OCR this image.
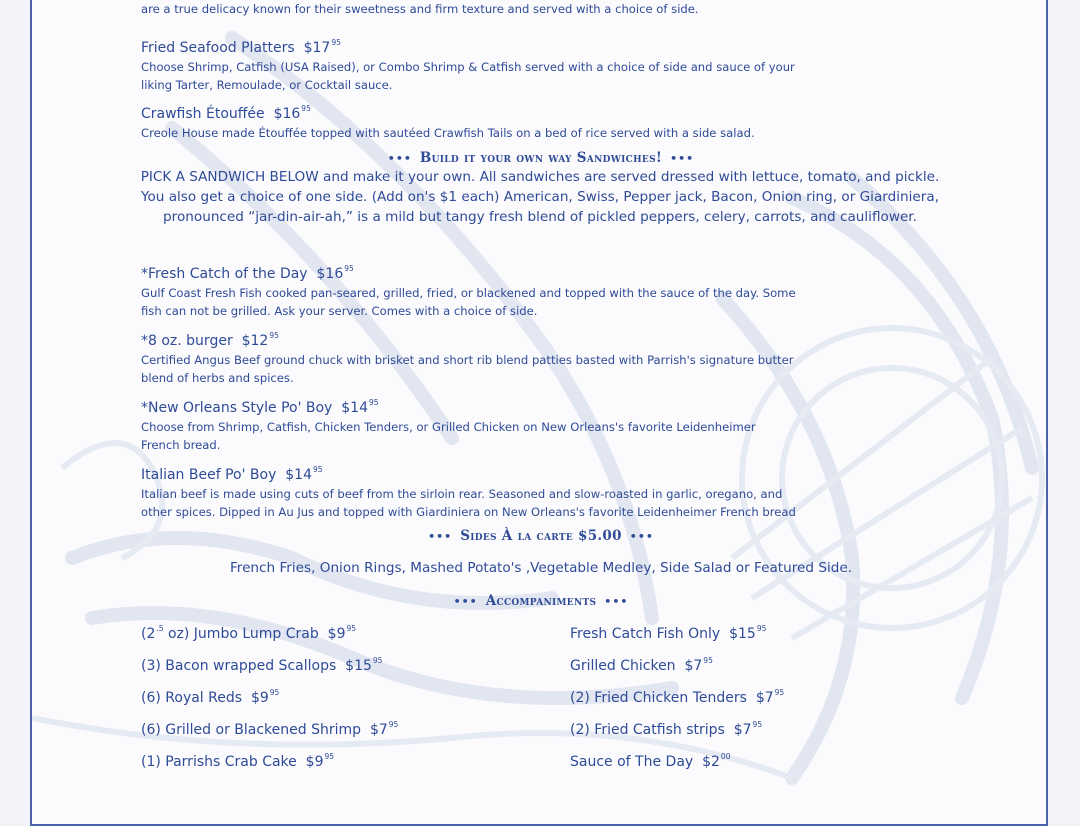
are a true delicacy known for their sweetness and firm texture and served with a choice of side.
Fried Seafood Platters $\$17^{95}$
Choose Shrimp, Catfish (USA Raised), or Combo Shrimp & Catfish served with a choice of side and sauce of your
liking Tarter, Remoulade, or Cocktail sauce.
Crawfish Étouffée $\$16^{95}$
Creole House made Étouffée topped with sautéed Crawfish Tails on a bed of rice served with a side salad.
••• Build it your own way Sandwiches! •••
PICK A SANDWICH BELOW and make it your own. All sandwiches are served dressed with lettuce, tomato, and pickle. You also get a choice of one side. (Add on's $1 each) American, Swiss, Pepper jack, Bacon, Onion ring, or Giardiniera, pronounced “jar-din-air-ah,” is a mild but tangy fresh blend of pickled peppers, celery, carrots, and cauliflower.
*Fresh Catch of the Day $\$16^{95}$
Gulf Coast Fresh Fish cooked pan-seared, grilled, fried, or blackened and topped with the sauce of the day. Some
fish can not be grilled. Ask your server. Comes with a choice of side.
*8 oz. burger $\$12^{95}$
Certified Angus Beef ground chuck with brisket and short rib blend patties basted with Parrish's signature butter
blend of herbs and spices.
*New Orleans Style Po' Boy $\$14^{95}$
Choose from Shrimp, Catfish, Chicken Tenders, or Grilled Chicken on New Orleans's favorite Leidenheimer
French bread.
Italian Beef Po' Boy $\$14^{95}$
Italian beef is made using cuts of beef from the sirloin rear. Seasoned and slow-roasted in garlic, oregano, and
other spices. Dipped in Au Jus and topped with Giardiniera on New Orleans's favorite Leidenheimer French bread
••• Sides À la carte $5.00 •••
French Fries, Onion Rings, Mashed Potato's ,Vegetable Medley, Side Salad or Featured Side.
••• Accompaniments •••
($2^{.5}$ oz) Jumbo Lump Crab $\$9^{95}$
(3) Bacon wrapped Scallops $\$15^{95}$
(6) Royal Reds $\$9^{95}$
(6) Grilled or Blackened Shrimp $\$7^{95}$
(1) Parrishs Crab Cake $\$9^{95}$
Fresh Catch Fish Only $\$15^{95}$
Grilled Chicken $\$7^{95}$
(2) Fried Chicken Tenders $\$7^{95}$
(2) Fried Catfish strips $\$7^{95}$
Sauce of The Day $\$2^{00}$
